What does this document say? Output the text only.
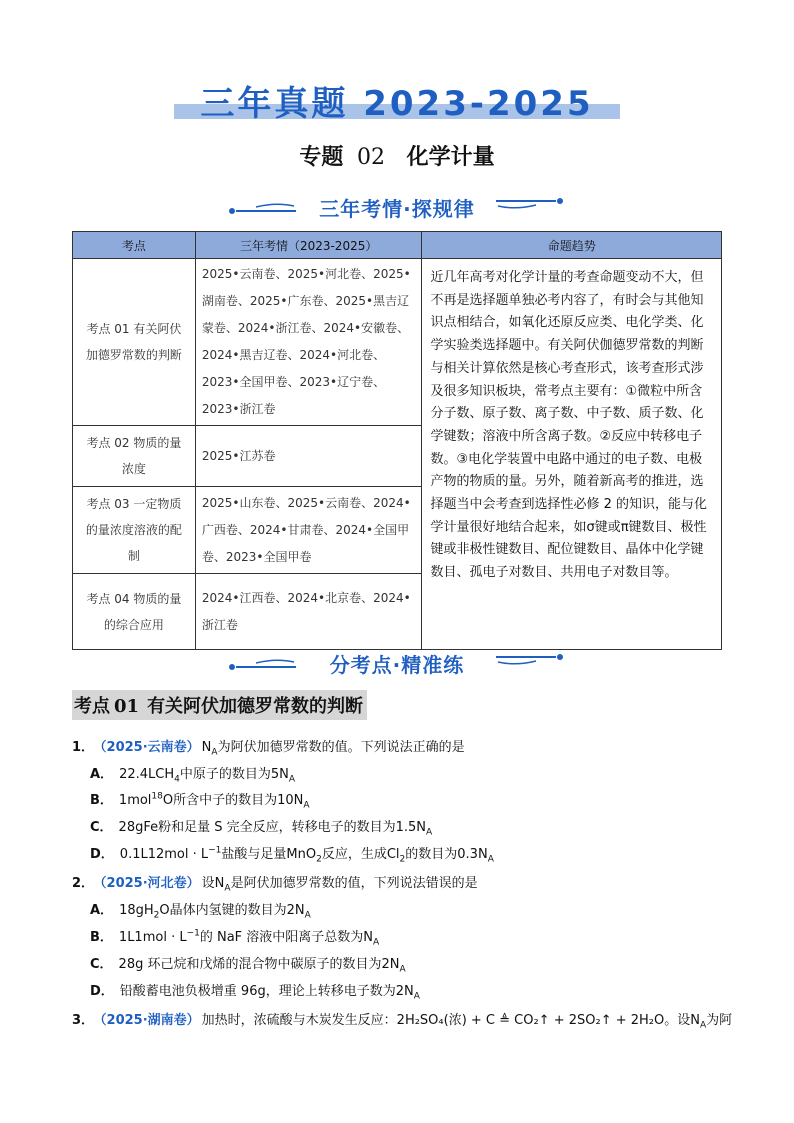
三年真题 2023-2025
专题 02 化学计量
三年考情·探规律
考点	三年考情（2023-2025）	命题趋势
考点 01 有关阿伏加德罗常数的判断	2025•云南卷、2025•河北卷、2025•湖南卷、2025•广东卷、2025•黑吉辽蒙卷、2024•浙江卷、2024•安徽卷、2024•黑吉辽卷、2024•河北卷、2023•全国甲卷、2023•辽宁卷、2023•浙江卷	近几年高考对化学计量的考查命题变动不大，但不再是选择题单独必考内容了，有时会与其他知识点相结合，如氧化还原反应类、电化学类、化学实验类选择题中。有关阿伏伽德罗常数的判断与相关计算依然是核心考查形式，该考查形式涉及很多知识板块，常考点主要有：①微粒中所含分子数、原子数、离子数、中子数、质子数、化学键数；溶液中所含离子数。②反应中转移电子数。③电化学装置中电路中通过的电子数、电极产物的物质的量。另外，随着新高考的推进，选择题当中会考查到选择性必修 2 的知识，能与化学计量很好地结合起来，如σ键或π键数目、极性键或非极性键数目、配位键数目、晶体中化学键数目、孤电子对数目、共用电子对数目等。
考点 02 物质的量浓度	2025•江苏卷	
考点 03 一定物质的量浓度溶液的配制	2025•山东卷、2025•云南卷、2024•广西卷、2024•甘肃卷、2024•全国甲卷、2023•全国甲卷	
考点 04 物质的量的综合应用	2024•江西卷、2024•北京卷、2024•浙江卷	
分考点·精准练
考点 01 有关阿伏加德罗常数的判断
1． （2025·云南卷） $N_A$为阿伏加德罗常数的值。下列说法正确的是
A． $22.4LCH_4$中原子的数目为$5N_A$
B． 1mol$^{18}$O所含中子的数目为$10N_A$
C． 28gFe粉和足量 S 完全反应，转移电子的数目为$1.5N_A$
D． $0.1L12mol \cdot L^{-1}$盐酸与足量MnO$_2$反应，生成$Cl_2$的数目为$0.3N_A$
2． （2025·河北卷） 设$N_A$是阿伏加德罗常数的值，下列说法错误的是
A． $18gH_2O$晶体内氢键的数目为$2N_A$
B． $1L1mol \cdot L^{-1}$的 NaF 溶液中阳离子总数为$N_A$
C． 28g 环己烷和戊烯的混合物中碳原子的数目为$2N_A$
D． 铅酸蓄电池负极增重 96g，理论上转移电子数为$2N_A$
3． （2025·湖南卷） 加热时，浓硫酸与木炭发生反应：2H₂SO₄(浓) + C ≜ CO₂↑ + 2SO₂↑ + 2H₂O。设$N_A$为阿
